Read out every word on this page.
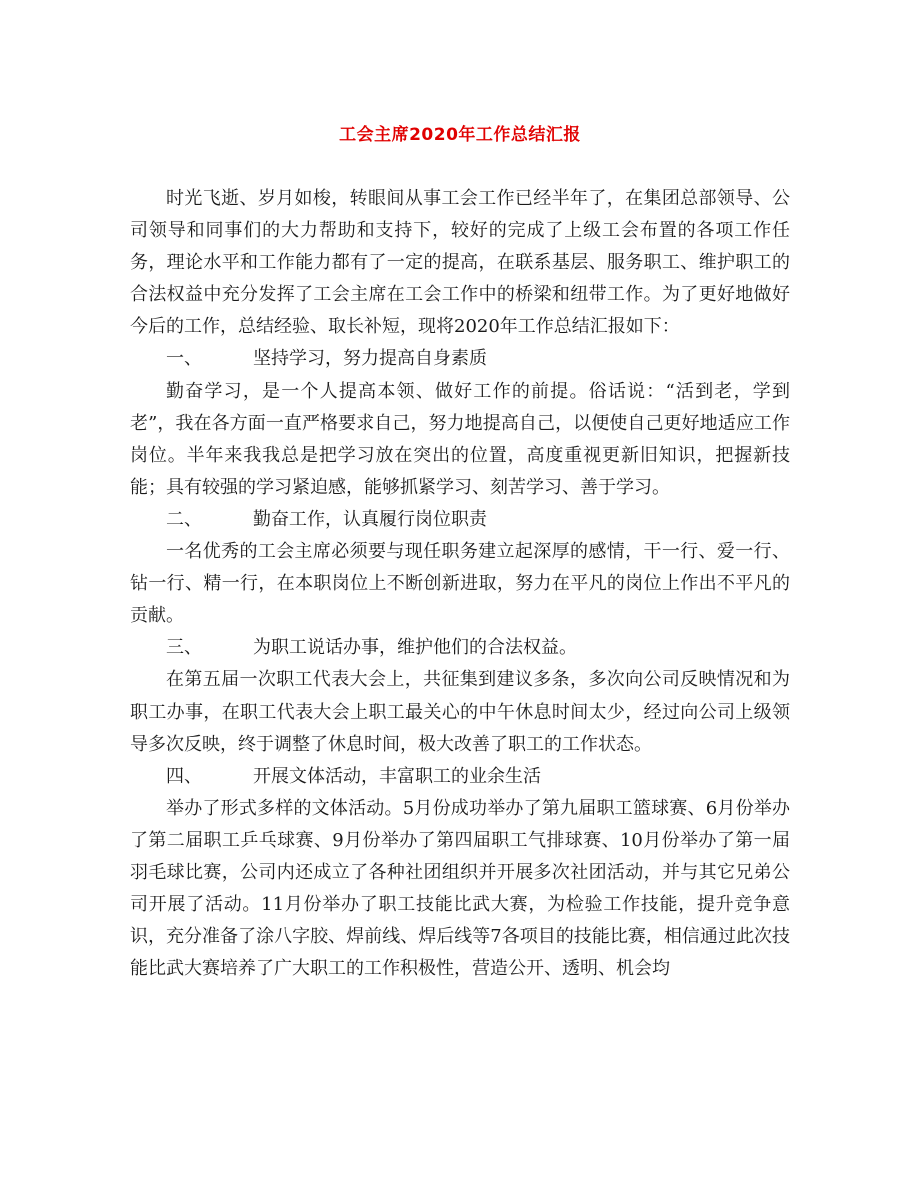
工会主席2020年工作总结汇报

时光飞逝、岁月如梭，转眼间从事工会工作已经半年了，在集团总部领导、公司领导和同事们的大力帮助和支持下，较好的完成了上级工会布置的各项工作任务，理论水平和工作能力都有了一定的提高，在联系基层、服务职工、维护职工的合法权益中充分发挥了工会主席在工会工作中的桥梁和纽带工作。为了更好地做好今后的工作，总结经验、取长补短，现将2020年工作总结汇报如下：

一、	坚持学习，努力提高自身素质

勤奋学习，是一个人提高本领、做好工作的前提。俗话说：“活到老，学到老”，我在各方面一直严格要求自己，努力地提高自己，以便使自己更好地适应工作岗位。半年来我我总是把学习放在突出的位置，高度重视更新旧知识，把握新技能；具有较强的学习紧迫感，能够抓紧学习、刻苦学习、善于学习。

二、	勤奋工作，认真履行岗位职责

一名优秀的工会主席必须要与现任职务建立起深厚的感情，干一行、爱一行、钻一行、精一行，在本职岗位上不断创新进取，努力在平凡的岗位上作出不平凡的贡献。

三、	为职工说话办事，维护他们的合法权益。

在第五届一次职工代表大会上，共征集到建议多条，多次向公司反映情况和为职工办事，在职工代表大会上职工最关心的中午休息时间太少，经过向公司上级领导多次反映，终于调整了休息时间，极大改善了职工的工作状态。

四、	开展文体活动，丰富职工的业余生活

举办了形式多样的文体活动。5月份成功举办了第九届职工篮球赛、6月份举办了第二届职工乒乓球赛、9月份举办了第四届职工气排球赛、10月份举办了第一届羽毛球比赛，公司内还成立了各种社团组织并开展多次社团活动，并与其它兄弟公司开展了活动。11月份举办了职工技能比武大赛，为检验工作技能，提升竞争意识，充分准备了涂八字胶、焊前线、焊后线等7各项目的技能比赛，相信通过此次技能比武大赛培养了广大职工的工作积极性，营造公开、透明、机会均
